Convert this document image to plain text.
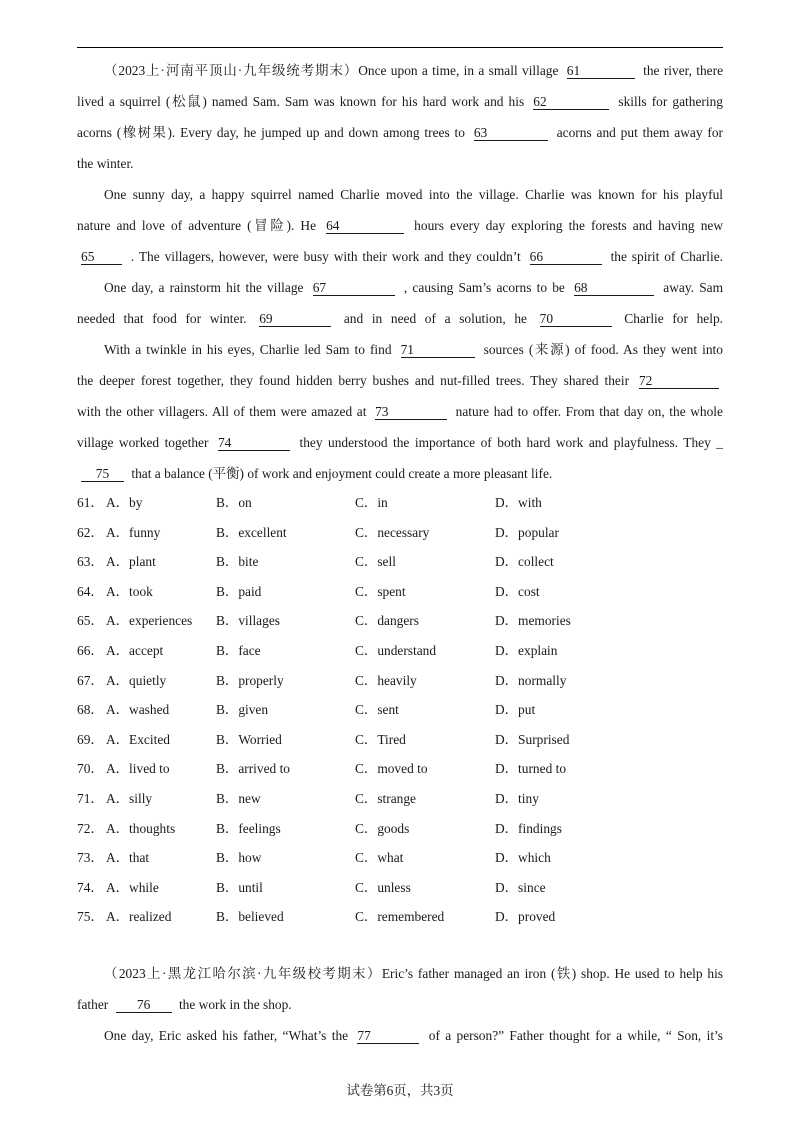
（2023上·河南平顶山·九年级统考期末）Once upon a time, in a small village 61	the river, there
lived a squirrel (松鼠) named Sam. Sam was known for his hard work and his 62	skills for gathering
acorns (橡树果). Every day, he jumped up and down among trees to 63	acorns and put them away for
the winter.
One sunny day, a happy squirrel named Charlie moved into the village. Charlie was known for his playful
nature and love of adventure (冒险). He 64	hours every day exploring the forests and having new
65	. The villagers, however, were busy with their work and they couldn’t 66	the spirit of Charlie.
One day, a rainstorm hit the village 67	, causing Sam’s acorns to be 68	away. Sam
needed that food for winter. 69	and in need of a solution, he 70	Charlie for help.
With a twinkle in his eyes, Charlie led Sam to find 71	sources (来源) of food. As they went into
the deeper forest together, they found hidden berry bushes and nut-filled trees. They shared their 72
with the other villagers. All of them were amazed at 73	nature had to offer. From that day on, the whole
village worked together 74	they understood the importance of both hard work and playfulness. They _
75 that a balance (平衡) of work and enjoyment could create a more pleasant life.
61． A．by	B．on	C．in	D．with
62． A．funny	B．excellent	C．necessary	D．popular
63． A．plant	B．bite	C．sell	D．collect
64． A．took	B．paid	C．spent	D．cost
65． A．experiences B．villages	C．dangers	D．memories
66． A．accept	B．face	C．understand	D．explain
67． A．quietly	B．properly	C．heavily	D．normally
68． A．washed	B．given	C．sent	D．put
69． A．Excited	B．Worried	C．Tired	D．Surprised
70． A．lived to	B．arrived to	C．moved to	D．turned to
71． A．silly	B．new	C．strange	D．tiny
72． A．thoughts	B．feelings	C．goods	D．findings
73． A．that	B．how	C．what	D．which
74． A．while	B．until	C．unless	D．since
75． A．realized	B．believed	C．remembered	D．proved
（2023上·黑龙江哈尔滨·九年级校考期末）Eric’s father managed an iron (铁) shop. He used to help his
father 76 the work in the shop.
One day, Eric asked his father, “What’s the 77	of a person?” Father thought for a while, “ Son, it’s
试卷第6页，共3页
